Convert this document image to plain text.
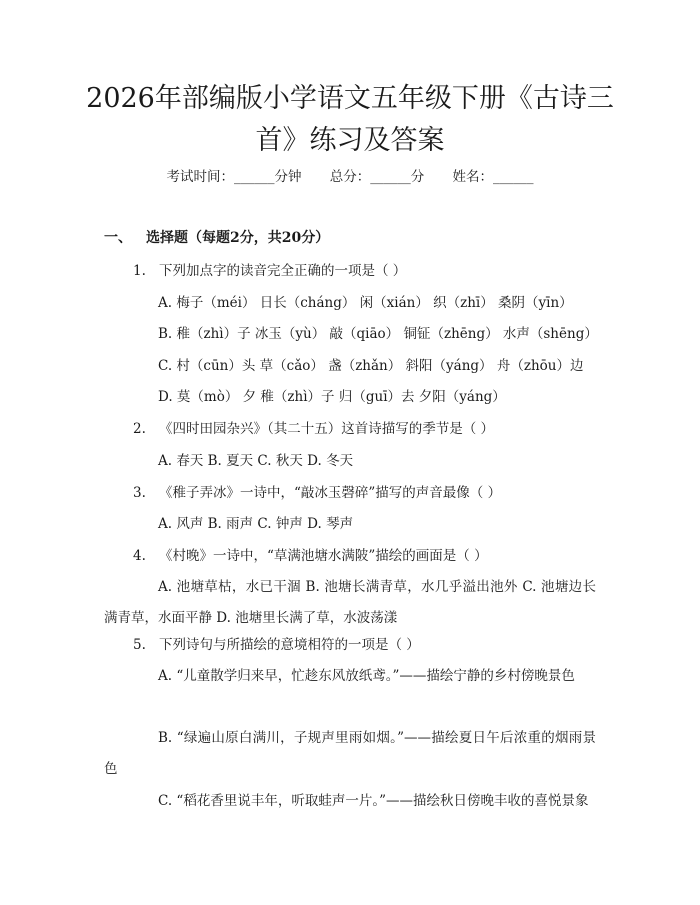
2026年部编版小学语文五年级下册《古诗三首》练习及答案
考试时间：______分钟 总分：______分 姓名：______
一、 选择题（每题2分，共20分）
1. 下列加点字的读音完全正确的一项是（ ）
A. 梅子（méi） 日长（cháng） 闲（xián） 织（zhī） 桑阴（yīn）
B. 稚（zhì）子 冰玉（yù） 敲（qiāo） 铜钲（zhēng） 水声（shēng）
C. 村（cūn）头 草（cǎo） 盏（zhǎn） 斜阳（yáng） 舟（zhōu）边
D. 莫（mò） 夕 稚（zhì）子 归（guī）去 夕阳（yáng）
2. 《四时田园杂兴》（其二十五）这首诗描写的季节是（ ）
A. 春天 B. 夏天 C. 秋天 D. 冬天
3. 《稚子弄冰》一诗中，“敲冰玉磬碎”描写的声音最像（ ）
A. 风声 B. 雨声 C. 钟声 D. 琴声
4. 《村晚》一诗中，“草满池塘水满陂”描绘的画面是（ ）
A. 池塘草枯，水已干涸 B. 池塘长满青草，水几乎溢出池外 C. 池塘边长满青草，水面平静 D. 池塘里长满了草，水波荡漾
5. 下列诗句与所描绘的意境相符的一项是（ ）
A. “儿童散学归来早，忙趁东风放纸鸢。”——描绘宁静的乡村傍晚景色
B. “绿遍山原白满川，子规声里雨如烟。”——描绘夏日午后浓重的烟雨景色
C. “稻花香里说丰年，听取蛙声一片。”——描绘秋日傍晚丰收的喜悦景象
